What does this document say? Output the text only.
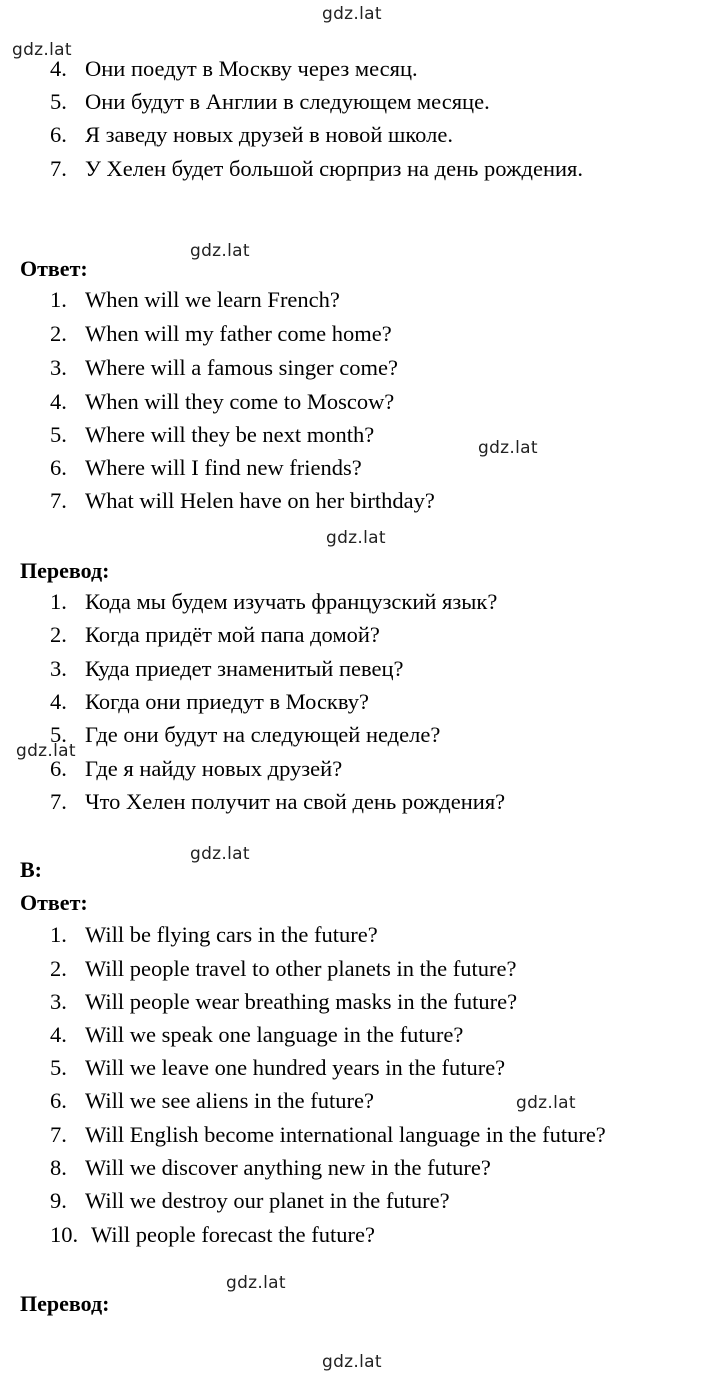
gdz.lat
gdz.lat
gdz.lat
gdz.lat
gdz.lat
gdz.lat
gdz.lat
gdz.lat
gdz.lat
gdz.lat
4. Они поедут в Москву через месяц.
5. Они будут в Англии в следующем месяце.
6. Я заведу новых друзей в новой школе.
7. У Хелен будет большой сюрприз на день рождения.
Ответ:
1. When will we learn French?
2. When will my father come home?
3. Where will a famous singer come?
4. When will they come to Moscow?
5. Where will they be next month?
6. Where will I find new friends?
7. What will Helen have on her birthday?
Перевод:
1. Кода мы будем изучать французский язык?
2. Когда придёт мой папа домой?
3. Куда приедет знаменитый певец?
4. Когда они приедут в Москву?
5. Где они будут на следующей неделе?
6. Где я найду новых друзей?
7. Что Хелен получит на свой день рождения?
B:
Ответ:
1. Will be flying cars in the future?
2. Will people travel to other planets in the future?
3. Will people wear breathing masks in the future?
4. Will we speak one language in the future?
5. Will we leave one hundred years in the future?
6. Will we see aliens in the future?
7. Will English become international language in the future?
8. Will we discover anything new in the future?
9. Will we destroy our planet in the future?
10. Will people forecast the future?
Перевод:
